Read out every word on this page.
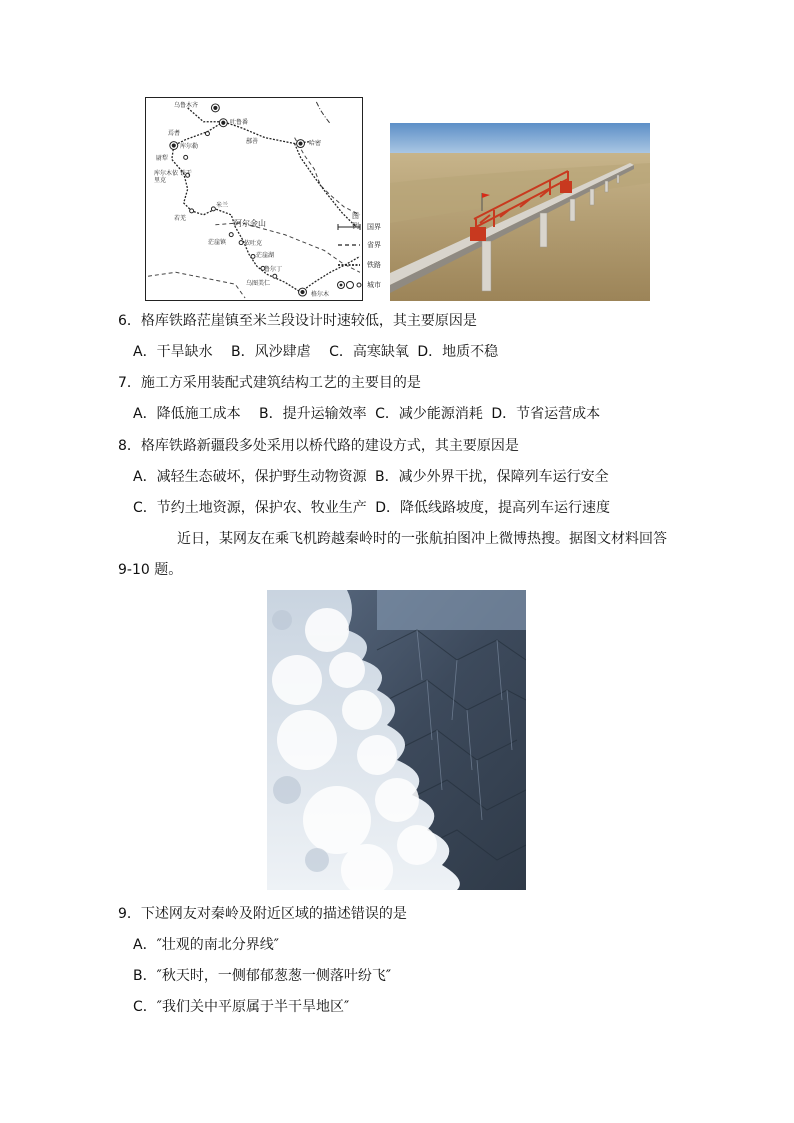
乌鲁木齐
吐鲁番
哈密
鄯善
焉耆
库尔勒
尉犁
库尔木依 铁干里克
若羌
米兰
阿尔金山
茫崖镇	依吐克
茫崖湖
鲁尔丁
乌图美仁
格尔木
图例	国界
省界
铁路
城市
6．格库铁路茫崖镇至米兰段设计时速较低，其主要原因是
A．干旱缺水 B．风沙肆虐 C．高寒缺氧 D．地质不稳
7．施工方采用装配式建筑结构工艺的主要目的是
A．降低施工成本 B．提升运输效率 C．减少能源消耗 D．节省运营成本
8．格库铁路新疆段多处采用以桥代路的建设方式，其主要原因是
A．减轻生态破坏，保护野生动物资源 B．减少外界干扰，保障列车运行安全
C．节约土地资源，保护农、牧业生产 D．降低线路坡度，提高列车运行速度
近日，某网友在乘飞机跨越秦岭时的一张航拍图冲上微博热搜。据图文材料回答
9-10 题。
9．下述网友对秦岭及附近区域的描述错误的是
A．″壮观的南北分界线″
B．″秋天时，一侧郁郁葱葱一侧落叶纷飞″
C．″我们关中平原属于半干旱地区″
